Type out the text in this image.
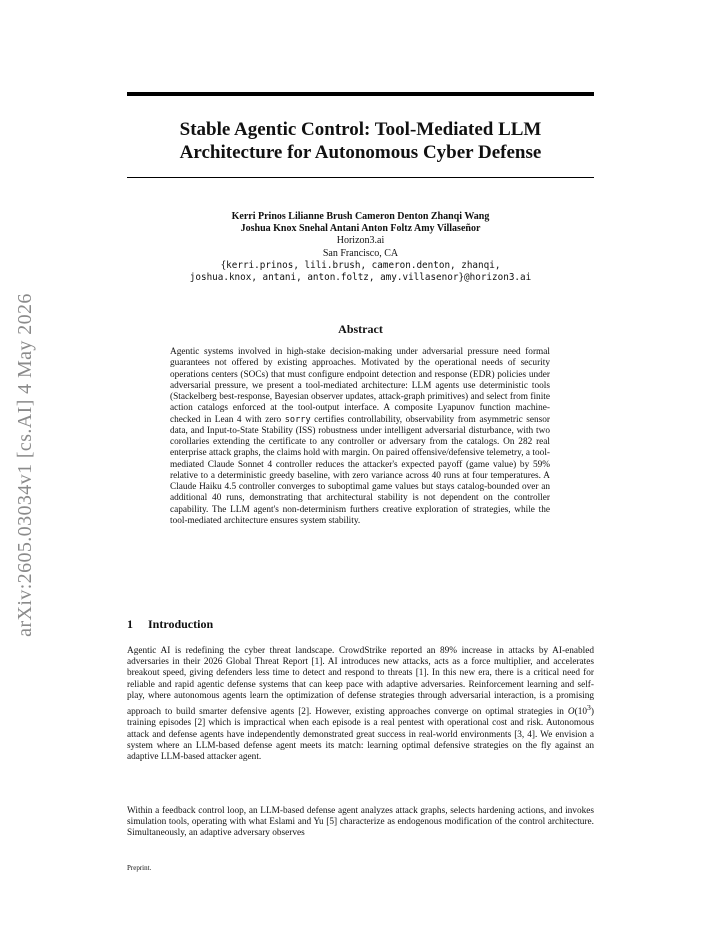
arXiv:2605.03034v1 [cs.AI] 4 May 2026
Stable Agentic Control: Tool-Mediated LLM
Architecture for Autonomous Cyber Defense
Kerri Prinos Lilianne Brush Cameron Denton Zhanqi Wang
Joshua Knox Snehal Antani Anton Foltz Amy Villaseñor
Horizon3.ai
San Francisco, CA
{kerri.prinos, lili.brush, cameron.denton, zhanqi,
joshua.knox, antani, anton.foltz, amy.villasenor}@horizon3.ai
Abstract

Agentic systems involved in high-stake decision-making under adversarial pressure need formal guarantees not offered by existing approaches. Motivated by the operational needs of security operations centers (SOCs) that must configure endpoint detection and response (EDR) policies under adversarial pressure, we present a tool-mediated architecture: LLM agents use deterministic tools (Stackelberg best-response, Bayesian observer updates, attack-graph primitives) and select from finite action catalogs enforced at the tool-output interface. A composite Lyapunov function machine-checked in Lean 4 with zero sorry certifies controllability, observability from asymmetric sensor data, and Input-to-State Stability (ISS) robustness under intelligent adversarial disturbance, with two corollaries extending the certificate to any controller or adversary from the catalogs. On 282 real enterprise attack graphs, the claims hold with margin. On paired offensive/defensive telemetry, a tool-mediated Claude Sonnet 4 controller reduces the attacker's expected payoff (game value) by 59% relative to a deterministic greedy baseline, with zero variance across 40 runs at four temperatures. A Claude Haiku 4.5 controller converges to suboptimal game values but stays catalog-bounded over an additional 40 runs, demonstrating that architectural stability is not dependent on the controller capability. The LLM agent's non-determinism furthers creative exploration of strategies, while the tool-mediated architecture ensures system stability.

1 Introduction

Agentic AI is redefining the cyber threat landscape. CrowdStrike reported an 89% increase in attacks by AI-enabled adversaries in their 2026 Global Threat Report [1]. AI introduces new attacks, acts as a force multiplier, and accelerates breakout speed, giving defenders less time to detect and respond to threats [1]. In this new era, there is a critical need for reliable and rapid agentic defense systems that can keep pace with adaptive adversaries. Reinforcement learning and self-play, where autonomous agents learn the optimization of defense strategies through adversarial interaction, is a promising approach to build smarter defensive agents [2]. However, existing approaches converge on optimal strategies in $O(10^3)$ training episodes [2] which is impractical when each episode is a real pentest with operational cost and risk. Autonomous attack and defense agents have independently demonstrated great success in real-world environments [3, 4]. We envision a system where an LLM-based defense agent meets its match: learning optimal defensive strategies on the fly against an adaptive LLM-based attacker agent.

Within a feedback control loop, an LLM-based defense agent analyzes attack graphs, selects hardening actions, and invokes simulation tools, operating with what Eslami and Yu [5] characterize as endogenous modification of the control architecture. Simultaneously, an adaptive adversary observes

Preprint.
